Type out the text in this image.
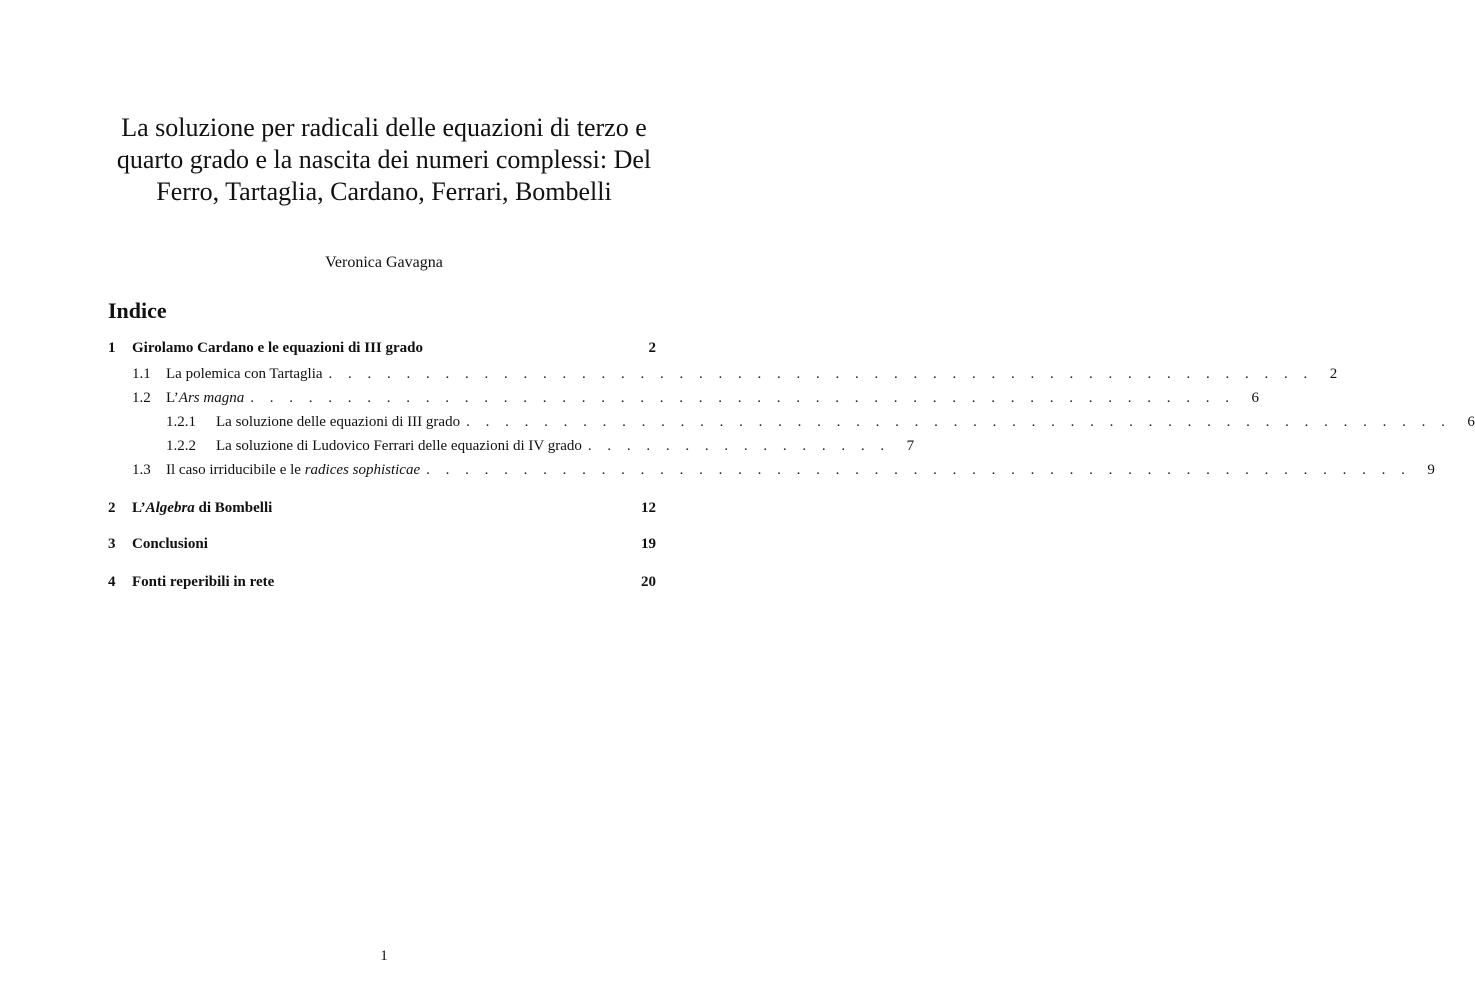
La soluzione per radicali delle equazioni di terzo e quarto grado e la nascita dei numeri complessi: Del Ferro, Tartaglia, Cardano, Ferrari, Bombelli
Veronica Gavagna
Indice
1	Girolamo Cardano e le equazioni di III grado	2
1.1	La polemica con Tartaglia . . . . . . . . . . . . . . . . . . . . . . . . . . . . . . . . . . . . . . . . . . . . . . . . . . .	2
1.2	L’Ars magna . . . . . . . . . . . . . . . . . . . . . . . . . . . . . . . . . . . . . . . . . . . . . . . . . . .	6
1.2.1	La soluzione delle equazioni di III grado . . . . . . . . . . . . . . . . . . . . . . . . . . . . . . . . . . . . . . . . . . . . . . . . . . .	6
1.2.2	La soluzione di Ludovico Ferrari delle equazioni di IV grado . . . . . . . . . . . . . . . .	7
1.3	Il caso irriducibile e le radices sophisticae . . . . . . . . . . . . . . . . . . . . . . . . . . . . . . . . . . . . . . . . . . . . . . . . . . .	9
2	L’Algebra di Bombelli	12
3	Conclusioni	19
4	Fonti reperibili in rete	20
1
